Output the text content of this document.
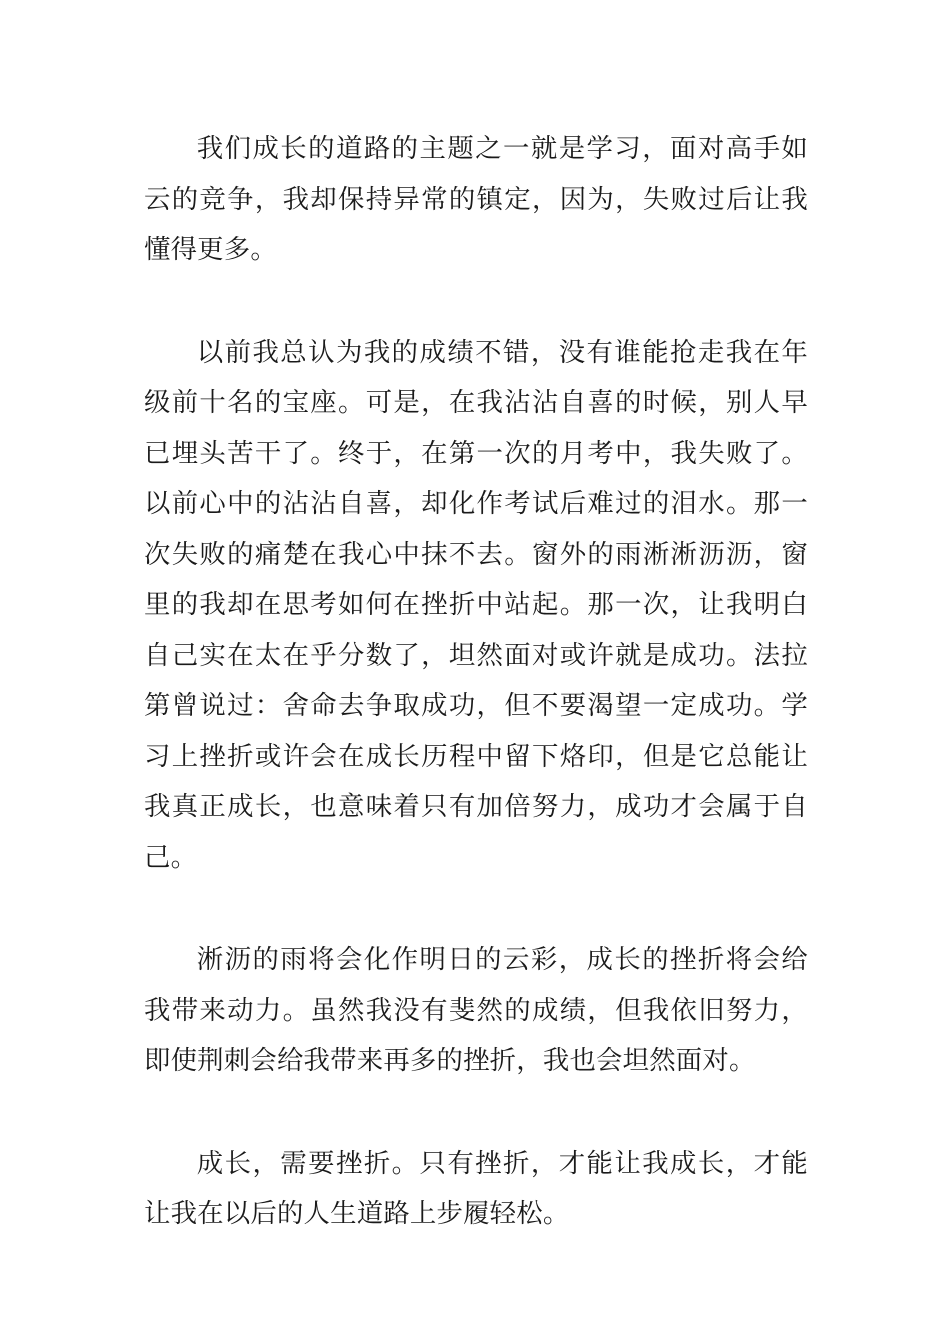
我们成长的道路的主题之一就是学习，面对高手如云的竞争，我却保持异常的镇定，因为，失败过后让我懂得更多。

以前我总认为我的成绩不错，没有谁能抢走我在年级前十名的宝座。可是，在我沾沾自喜的时候，别人早已埋头苦干了。终于，在第一次的月考中，我失败了。以前心中的沾沾自喜，却化作考试后难过的泪水。那一次失败的痛楚在我心中抹不去。窗外的雨淅淅沥沥，窗里的我却在思考如何在挫折中站起。那一次，让我明白自己实在太在乎分数了，坦然面对或许就是成功。法拉第曾说过：舍命去争取成功，但不要渴望一定成功。学习上挫折或许会在成长历程中留下烙印，但是它总能让我真正成长，也意味着只有加倍努力，成功才会属于自己。

淅沥的雨将会化作明日的云彩，成长的挫折将会给我带来动力。虽然我没有斐然的成绩，但我依旧努力，即使荆刺会给我带来再多的挫折，我也会坦然面对。

成长，需要挫折。只有挫折，才能让我成长，才能让我在以后的人生道路上步履轻松。
